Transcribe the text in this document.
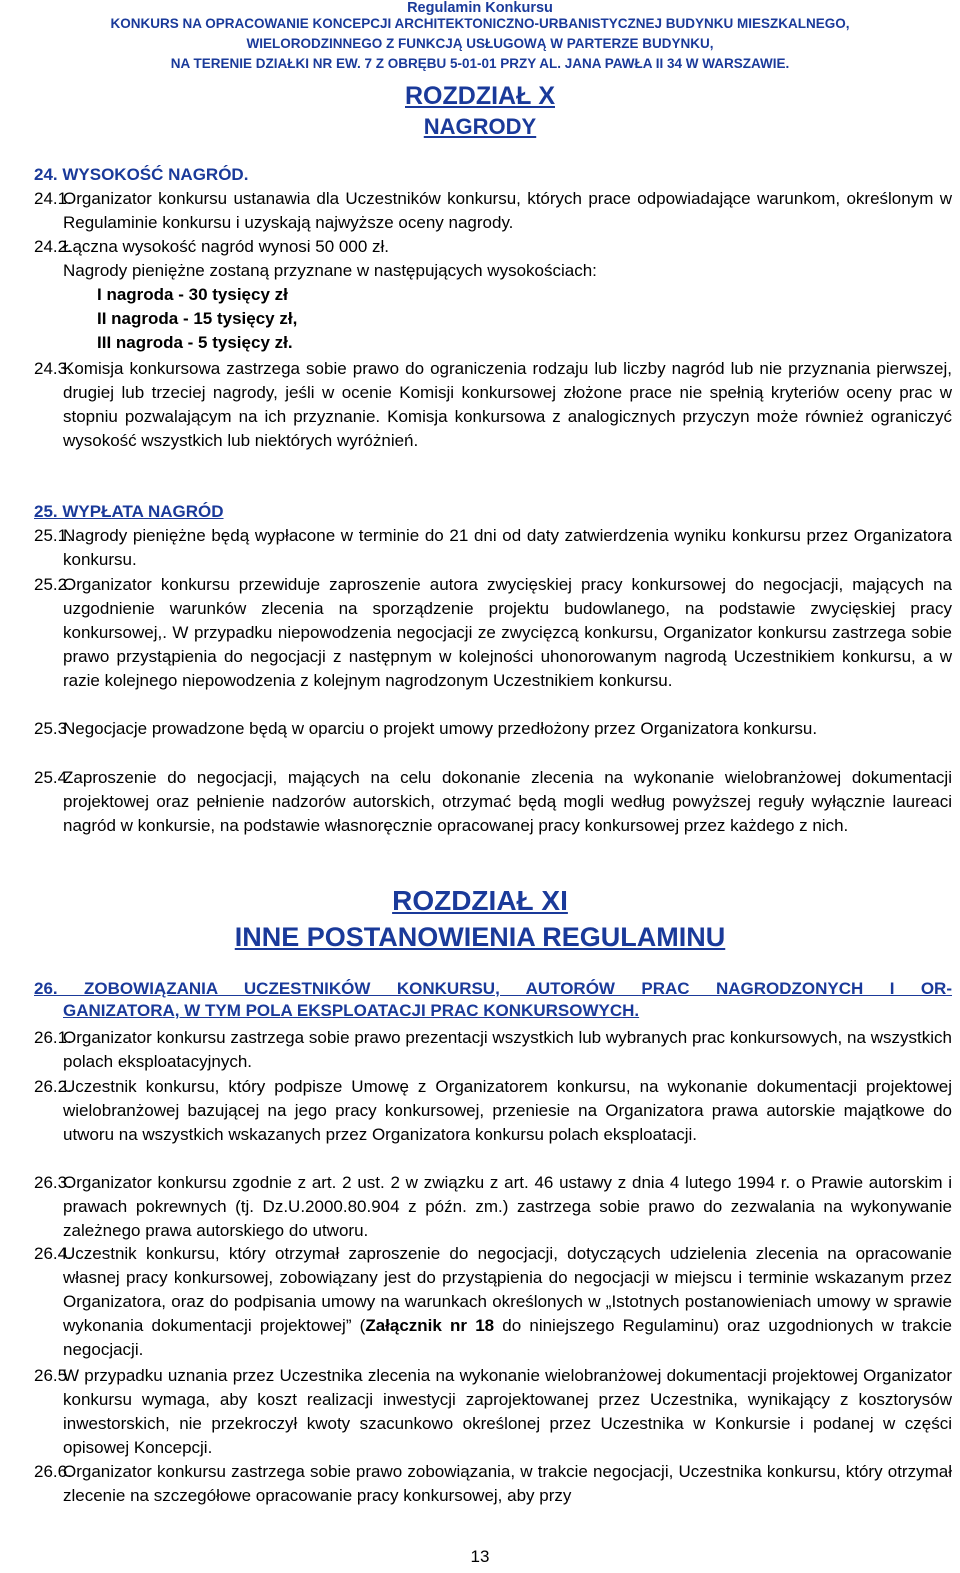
Regulamin Konkursu
KONKURS NA OPRACOWANIE KONCEPCJI ARCHITEKTONICZNO-URBANISTYCZNEJ BUDYNKU MIESZKALNEGO,
WIELORODZINNEGO Z FUNKCJĄ USŁUGOWĄ W PARTERZE BUDYNKU,
NA TERENIE DZIAŁKI NR EW. 7 Z OBRĘBU 5-01-01 PRZY AL. JANA PAWŁA II 34 W WARSZAWIE.
ROZDZIAŁ X
NAGRODY
24. WYSOKOŚĆ NAGRÓD.
24.1.
Organizator konkursu ustanawia dla Uczestników konkursu, których prace odpowiadające warunkom, określonym w Regulaminie konkursu i uzyskają najwyższe oceny nagrody.
24.2.
Łączna wysokość nagród wynosi 50 000 zł.
Nagrody pieniężne zostaną przyznane w następujących wysokościach:
I nagroda - 30 tysięcy zł
II nagroda - 15 tysięcy zł,
III nagroda - 5 tysięcy zł.
24.3.
Komisja konkursowa zastrzega sobie prawo do ograniczenia rodzaju lub liczby nagród lub nie przyznania pierwszej, drugiej lub trzeciej nagrody, jeśli w ocenie Komisji konkursowej złożone prace nie spełnią kryteriów oceny prac w stopniu pozwalającym na ich przyznanie. Komisja konkursowa z analogicznych przyczyn może również ograniczyć wysokość wszystkich lub niektórych wyróżnień.
25. WYPŁATA NAGRÓD
25.1.
Nagrody pieniężne będą wypłacone w terminie do 21 dni od daty zatwierdzenia wyniku konkursu przez Organizatora konkursu.
25.2.
Organizator konkursu przewiduje zaproszenie autora zwycięskiej pracy konkursowej do negocjacji, mających na uzgodnienie warunków zlecenia na sporządzenie projektu budowlanego, na podstawie zwycięskiej pracy konkursowej,. W przypadku niepowodzenia negocjacji ze zwycięzcą konkursu, Organizator konkursu zastrzega sobie prawo przystąpienia do negocjacji z następnym w kolejności uhonorowanym nagrodą Uczestnikiem konkursu, a w razie kolejnego niepowodzenia z kolejnym nagrodzonym Uczestnikiem konkursu.
25.3
Negocjacje prowadzone będą w oparciu o projekt umowy przedłożony przez Organizatora konkursu.
25.4.
Zaproszenie do negocjacji, mających na celu dokonanie zlecenia na wykonanie wielobranżowej dokumentacji projektowej oraz pełnienie nadzorów autorskich, otrzymać będą mogli według powyższej reguły wyłącznie laureaci nagród w konkursie, na podstawie własnoręcznie opracowanej pracy konkursowej przez każdego z nich.
ROZDZIAŁ XI
INNE POSTANOWIENIA REGULAMINU
26. ZOBOWIĄZANIA UCZESTNIKÓW KONKURSU, AUTORÓW PRAC NAGRODZONYCH I OR-
GANIZATORA, W TYM POLA EKSPLOATACJI PRAC KONKURSOWYCH.
26.1.
Organizator konkursu zastrzega sobie prawo prezentacji wszystkich lub wybranych prac konkursowych, na wszystkich polach eksploatacyjnych.
26.2.
Uczestnik konkursu, który podpisze Umowę z Organizatorem konkursu, na wykonanie dokumentacji projektowej wielobranżowej bazującej na jego pracy konkursowej, przeniesie na Organizatora prawa autorskie majątkowe do utworu na wszystkich wskazanych przez Organizatora konkursu polach eksploatacji.
26.3.
Organizator konkursu zgodnie z art. 2 ust. 2 w związku z art. 46 ustawy z dnia 4 lutego 1994 r. o Prawie autorskim i prawach pokrewnych (tj. Dz.U.2000.80.904 z późn. zm.) zastrzega sobie prawo do zezwalania na wykonywanie zależnego prawa autorskiego do utworu.
26.4.
Uczestnik konkursu, który otrzymał zaproszenie do negocjacji, dotyczących udzielenia zlecenia na opracowanie własnej pracy konkursowej, zobowiązany jest do przystąpienia do negocjacji w miejscu i terminie wskazanym przez Organizatora, oraz do podpisania umowy na warunkach określonych w „Istotnych postanowieniach umowy w sprawie wykonania dokumentacji projektowej” (Załącznik nr 18 do niniejszego Regulaminu) oraz uzgodnionych w trakcie negocjacji.
26.5
W przypadku uznania przez Uczestnika zlecenia na wykonanie wielobranżowej dokumentacji projektowej Organizator konkursu wymaga, aby koszt realizacji inwestycji zaprojektowanej przez Uczestnika, wynikający z kosztorysów inwestorskich, nie przekroczył kwoty szacunkowo określonej przez Uczestnika w Konkursie i podanej w części opisowej Koncepcji.
26.6.
Organizator konkursu zastrzega sobie prawo zobowiązania, w trakcie negocjacji, Uczestnika konkursu, który otrzymał zlecenie na szczegółowe opracowanie pracy konkursowej, aby przy
13
